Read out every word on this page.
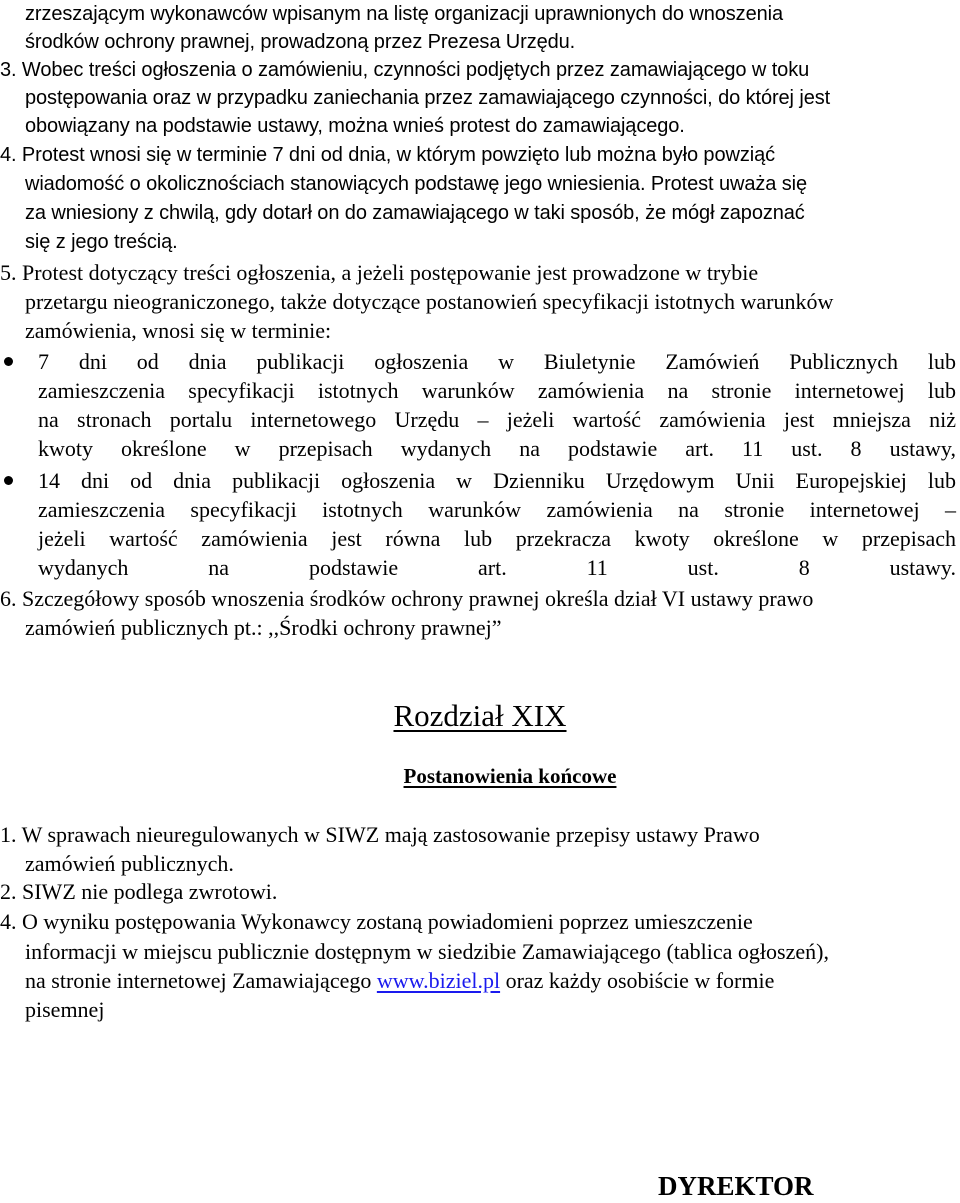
zrzeszającym wykonawców wpisanym na listę organizacji uprawnionych do wnoszenia
środków ochrony prawnej, prowadzoną przez Prezesa Urzędu.
3. Wobec treści ogłoszenia o zamówieniu, czynności podjętych przez zamawiającego w toku
postępowania oraz w przypadku zaniechania przez zamawiającego czynności, do której jest
obowiązany na podstawie ustawy, można wnieś protest do zamawiającego.
4. Protest wnosi się w terminie 7 dni od dnia, w którym powzięto lub można było powziąć
wiadomość o okolicznościach stanowiących podstawę jego wniesienia. Protest uważa się
za wniesiony z chwilą, gdy dotarł on do zamawiającego w taki sposób, że mógł zapoznać
się z jego treścią.
5. Protest dotyczący treści ogłoszenia, a jeżeli postępowanie jest prowadzone w trybie
przetargu nieograniczonego, także dotyczące postanowień specyfikacji istotnych warunków
zamówienia, wnosi się w terminie:
7 dni od dnia publikacji ogłoszenia w Biuletynie Zamówień Publicznych lub
zamieszczenia specyfikacji istotnych warunków zamówienia na stronie internetowej lub
na stronach portalu internetowego Urzędu – jeżeli wartość zamówienia jest mniejsza niż
kwoty określone w przepisach wydanych na podstawie art. 11 ust. 8 ustawy,
14 dni od dnia publikacji ogłoszenia w Dzienniku Urzędowym Unii Europejskiej lub
zamieszczenia specyfikacji istotnych warunków zamówienia na stronie internetowej –
jeżeli wartość zamówienia jest równa lub przekracza kwoty określone w przepisach
wydanych na podstawie art. 11 ust. 8 ustawy.
6. Szczegółowy sposób wnoszenia środków ochrony prawnej określa dział VI ustawy prawo
zamówień publicznych pt.: ,,Środki ochrony prawnej”
Rozdział XIX
Postanowienia końcowe
1. W sprawach nieuregulowanych w SIWZ mają zastosowanie przepisy ustawy Prawo
zamówień publicznych.
2. SIWZ nie podlega zwrotowi.
4. O wyniku postępowania Wykonawcy zostaną powiadomieni poprzez umieszczenie
informacji w miejscu publicznie dostępnym w siedzibie Zamawiającego (tablica ogłoszeń),
na stronie internetowej Zamawiającego www.biziel.pl oraz każdy osobiście w formie
pisemnej
DYREKTOR
